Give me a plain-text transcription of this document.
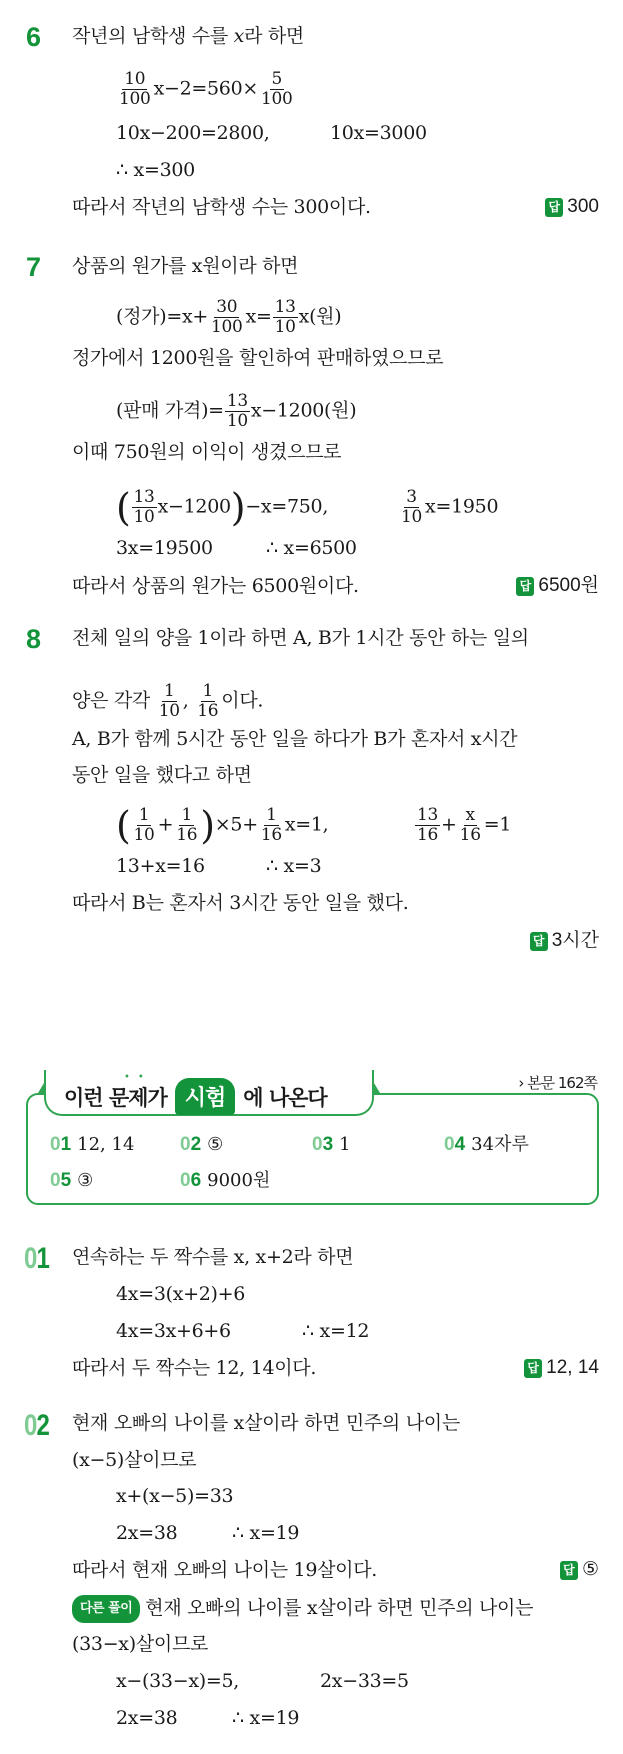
6 작년의 남학생 수를 𝑥라 하면
$\frac{10}{100} x-2=560\times \frac{5}{100}$
10x−200=2800,	10x=3000
∴ x=300
따라서 작년의 남학생 수는 300이다.	답 300
7 상품의 원가를 x원이라 하면
(정가)$=x+ \frac{30}{100} x= \frac{13}{10} x$(원)
정가에서 1200원을 할인하여 판매하였으므로
(판매 가격)= $\frac{13}{10} x-1200$(원)
이때 750원의 이익이 생겼으므로
( $\frac{13}{10} x-1200)-x=750$,	$\frac{3}{10} x=1950$
3x=19500	∴ x=6500
따라서 상품의 원가는 6500원이다.	답 6500원
8 전체 일의 양을 1이라 하면 A, B가 1시간 동안 하는 일의
양은 각각 $\frac{1}{10}$ , $\frac{1}{16}$ 이다.
A, B가 함께 5시간 동안 일을 하다가 B가 혼자서 x시간
동안 일을 했다고 하면
( $\frac{1}{10} + \frac{1}{16} )\times 5+ \frac{1}{16} x=1$,	$\frac{13}{16} + \frac{x}{16} =1$
13+x=16	∴ x=3
따라서 B는 혼자서 3시간 동안 일을 했다.
답 3시간
••
이런 문제가 시험 에 나온다
› 본문 162쪽
01 12, 14 02 ⑤	03 1	04 34자루
05 ③	06 9000원
01 연속하는 두 짝수를 x, x+2라 하면
4x=3(x+2)+6
4x=3x+6+6	∴ x=12
따라서 두 짝수는 12, 14이다.	답 12, 14
02 현재 오빠의 나이를 x살이라 하면 민주의 나이는
(x−5)살이므로
x+(x−5)=33
2x=38	∴ x=19
따라서 현재 오빠의 나이는 19살이다.	답 ⑤
다른 풀이 현재 오빠의 나이를 x살이라 하면 민주의 나이는
(33−x)살이므로
x−(33−x)=5,	2x−33=5
2x=38	∴ x=19
